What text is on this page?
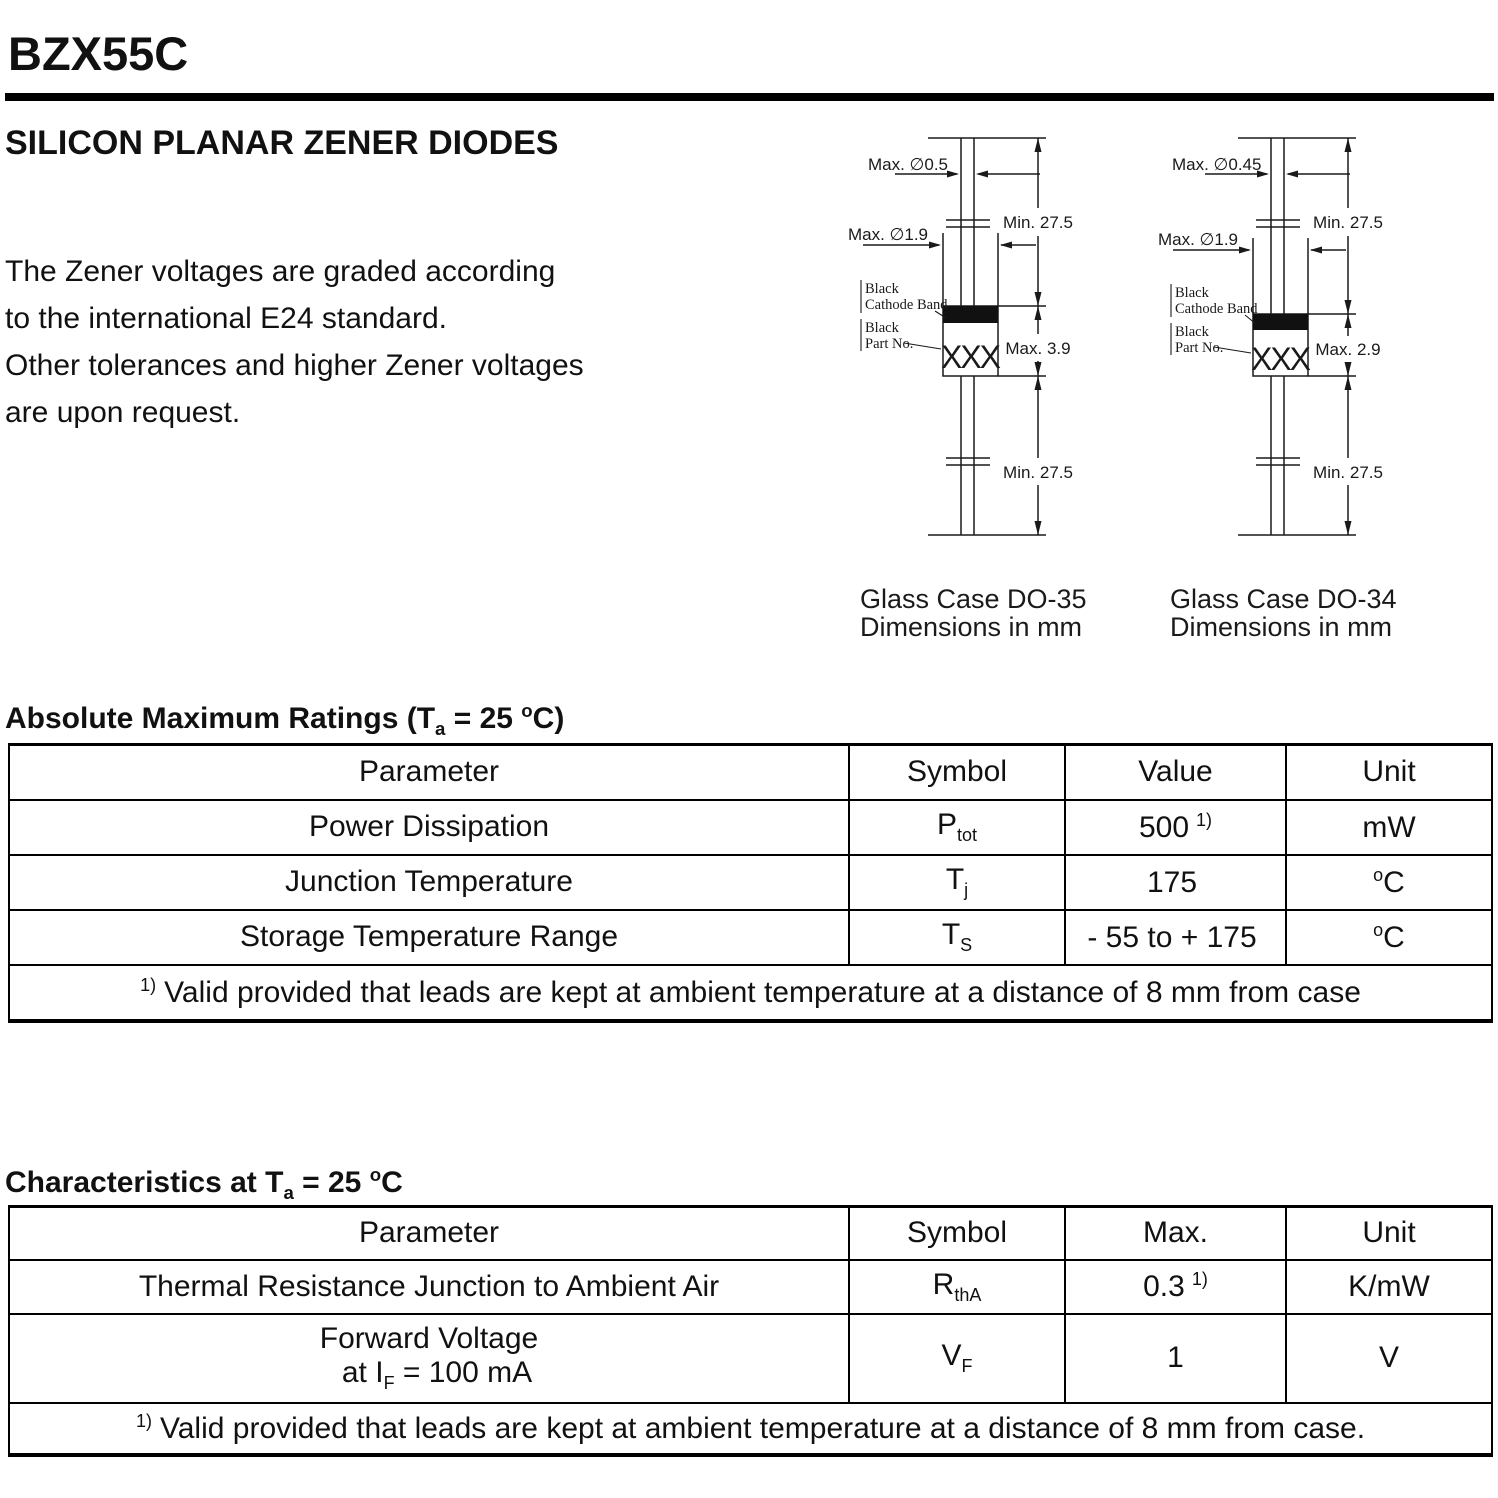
BZX55C
SILICON PLANAR ZENER DIODES
The Zener voltages are graded according
to the international E24 standard.
Other tolerances and higher Zener voltages
are upon request.
Max. ∅0.5
Max. ∅1.9
Min. 27.5
Max. 3.9
Min. 27.5
Black
Cathode Band
Black
Part No. XXX
Glass Case DO-35
Dimensions in mm
Max. ∅0.45
Max. ∅1.9
Min. 27.5
Max. 2.9
Min. 27.5
Black
Cathode Band
Black
Part No. XXX
Glass Case DO-34
Dimensions in mm
Absolute Maximum Ratings ($T_a = 25$ $^o$C)
Parameter	Symbol	Value	Unit
Power Dissipation	$P_{tot}$	500 $^{1)}$	mW
Junction Temperature	$T_j$	175	$^o$C
Storage Temperature Range	$T_S$	- 55 to + 175	$^o$C
$^{1)}$ Valid provided that leads are kept at ambient temperature at a distance of 8 mm from case			
Characteristics at $T_a = 25$ $^o$C
Parameter	Symbol	Max.	Unit
Thermal Resistance Junction to Ambient Air	$R_{thA}$	0.3 $^{1)}$	K/mW

Forward Voltage
at $I_F = 100$ mA	$V_F$	1	V
$^{1)}$ Valid provided that leads are kept at ambient temperature at a distance of 8 mm from case.			
